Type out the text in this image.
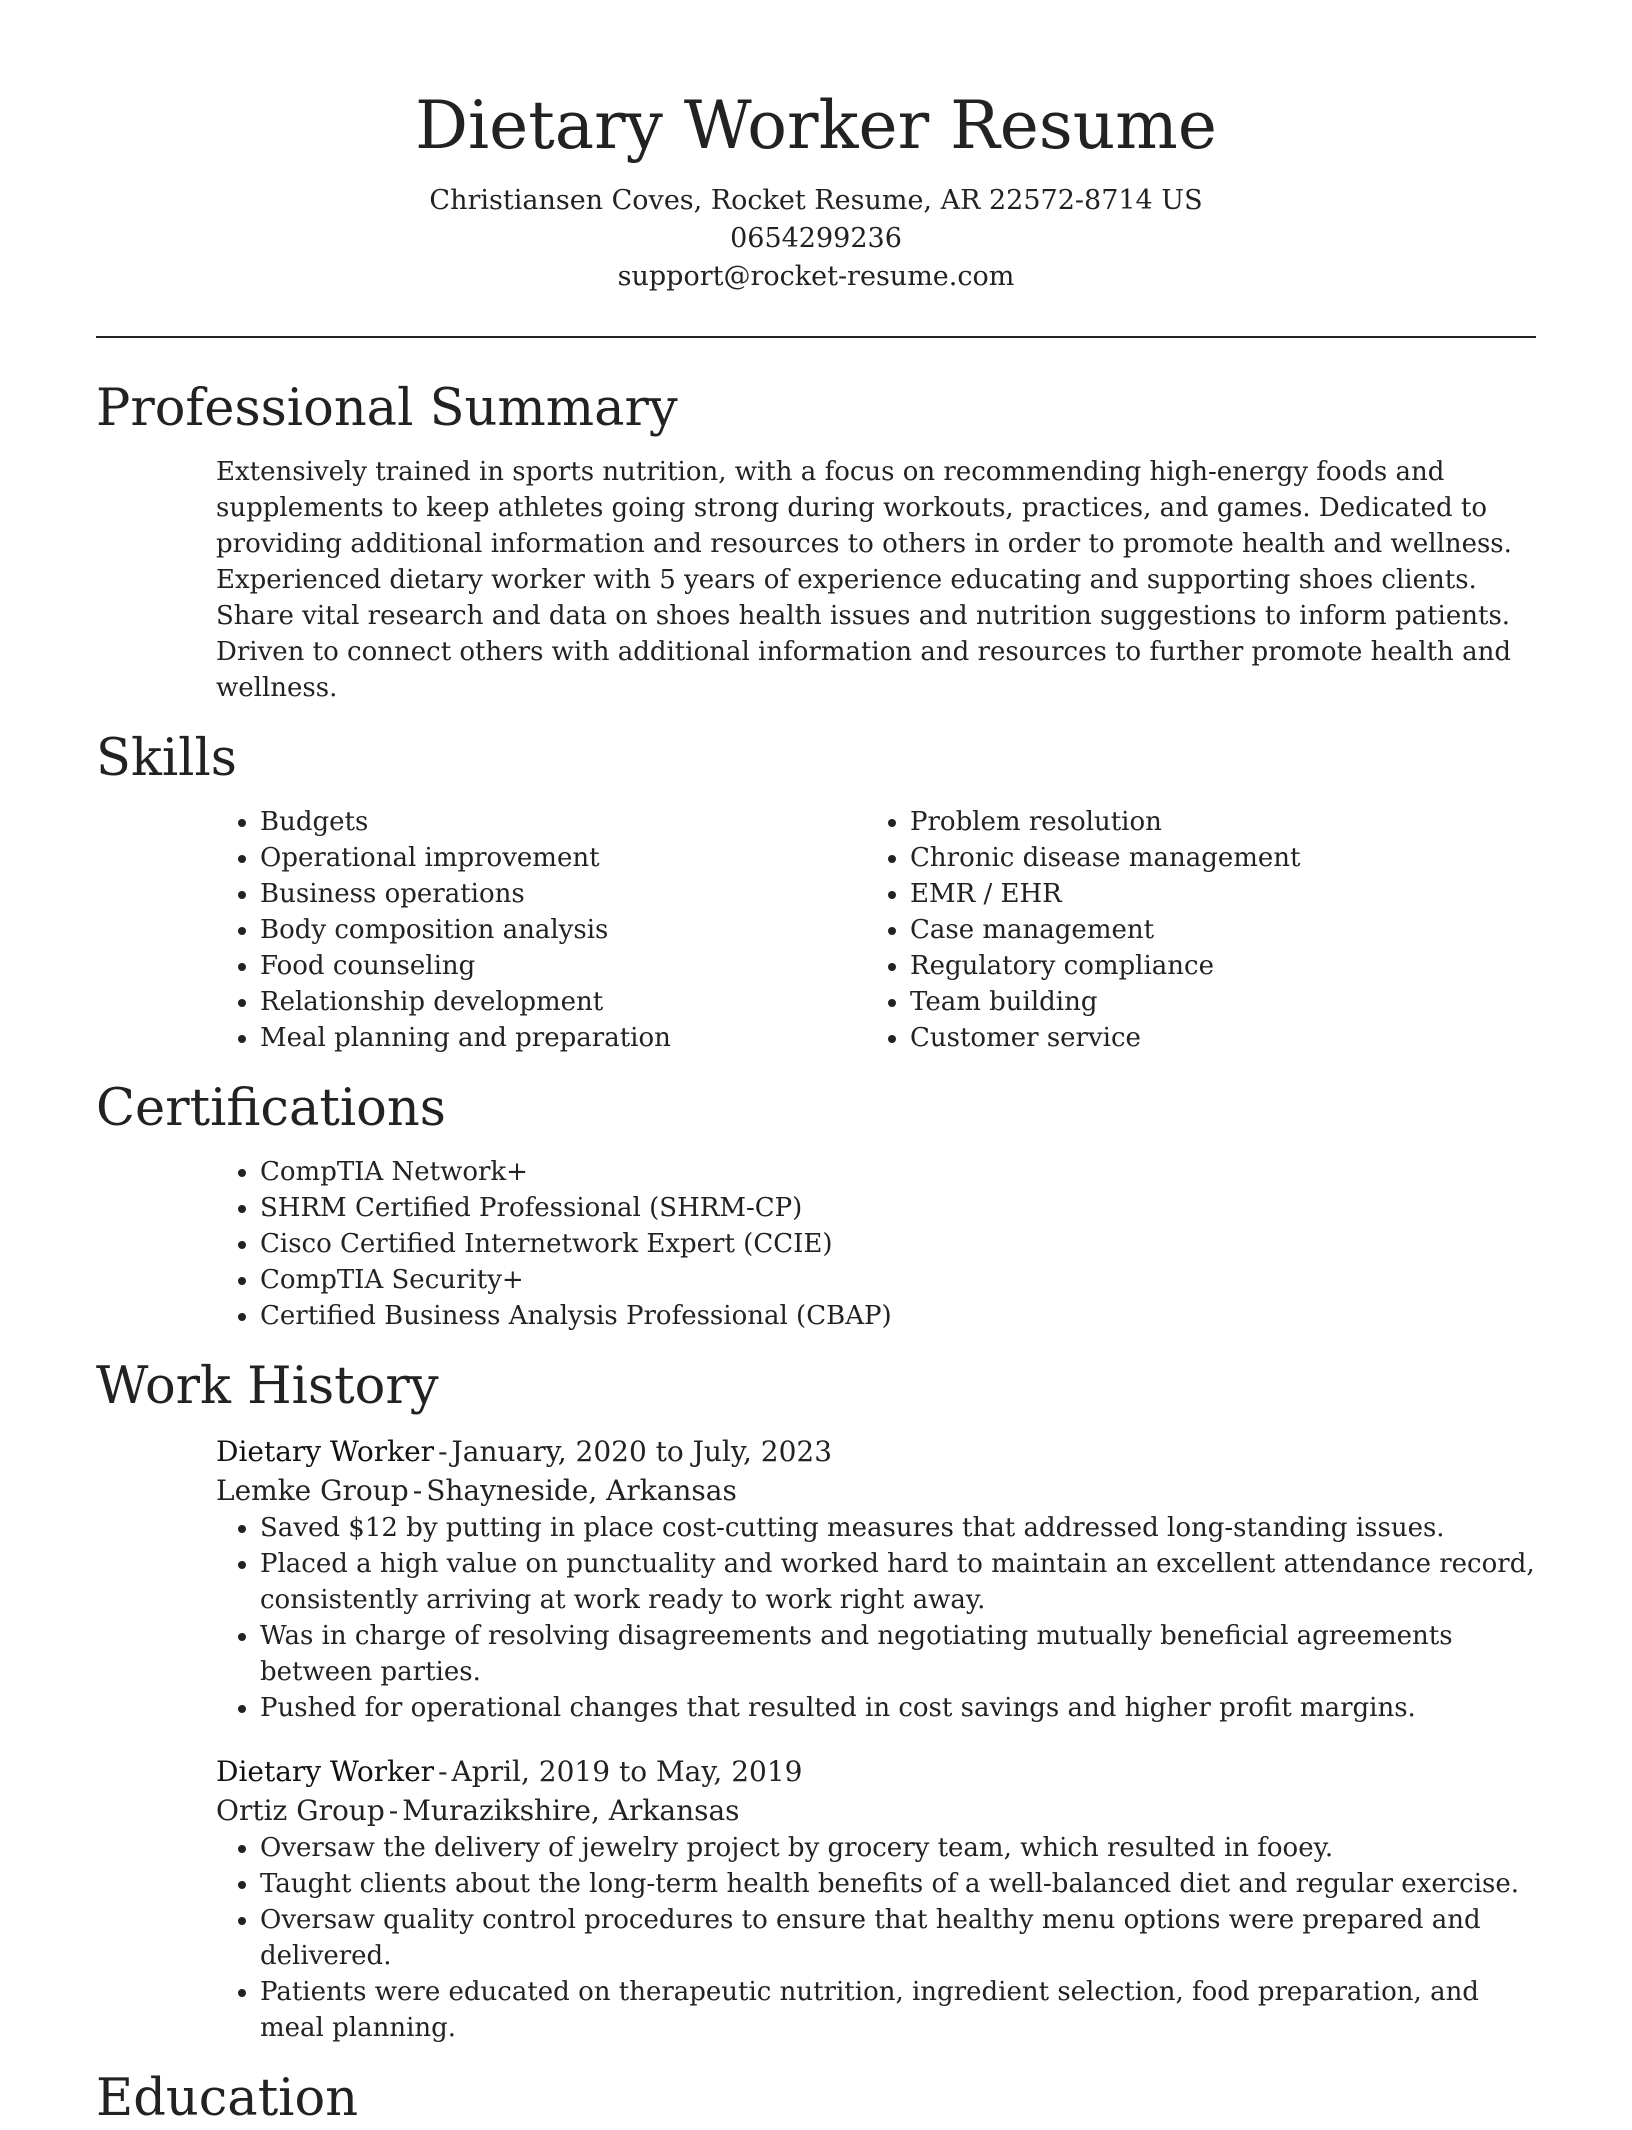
Dietary Worker Resume
Christiansen Coves, Rocket Resume, AR 22572-8714 US
0654299236
support@rocket-resume.com
Professional Summary

Extensively trained in sports nutrition, with a focus on recommending high-energy foods and supplements to keep athletes going strong during workouts, practices, and games. Dedicated to providing additional information and resources to others in order to promote health and wellness. Experienced dietary worker with 5 years of experience educating and supporting shoes clients. Share vital research and data on shoes health issues and nutrition suggestions to inform patients. Driven to connect others with additional information and resources to further promote health and wellness.

Skills
• Budgets
• Operational improvement
• Business operations
• Body composition analysis
• Food counseling
• Relationship development
• Meal planning and preparation
• Problem resolution
• Chronic disease management
• EMR / EHR
• Case management
• Regulatory compliance
• Team building
• Customer service
Certifications
• CompTIA Network+
• SHRM Certified Professional (SHRM-CP)
• Cisco Certified Internetwork Expert (CCIE)
• CompTIA Security+
• Certified Business Analysis Professional (CBAP)
Work History
Dietary Worker - January, 2020 to July, 2023
Lemke Group - Shayneside, Arkansas
• Saved $12 by putting in place cost-cutting measures that addressed long-standing issues.
• Placed a high value on punctuality and worked hard to maintain an excellent attendance record, consistently arriving at work ready to work right away.
• Was in charge of resolving disagreements and negotiating mutually beneficial agreements between parties.
• Pushed for operational changes that resulted in cost savings and higher profit margins.
Dietary Worker - April, 2019 to May, 2019
Ortiz Group - Murazikshire, Arkansas
• Oversaw the delivery of jewelry project by grocery team, which resulted in fooey.
• Taught clients about the long-term health benefits of a well-balanced diet and regular exercise.
• Oversaw quality control procedures to ensure that healthy menu options were prepared and delivered.
• Patients were educated on therapeutic nutrition, ingredient selection, food preparation, and meal planning.
Education
